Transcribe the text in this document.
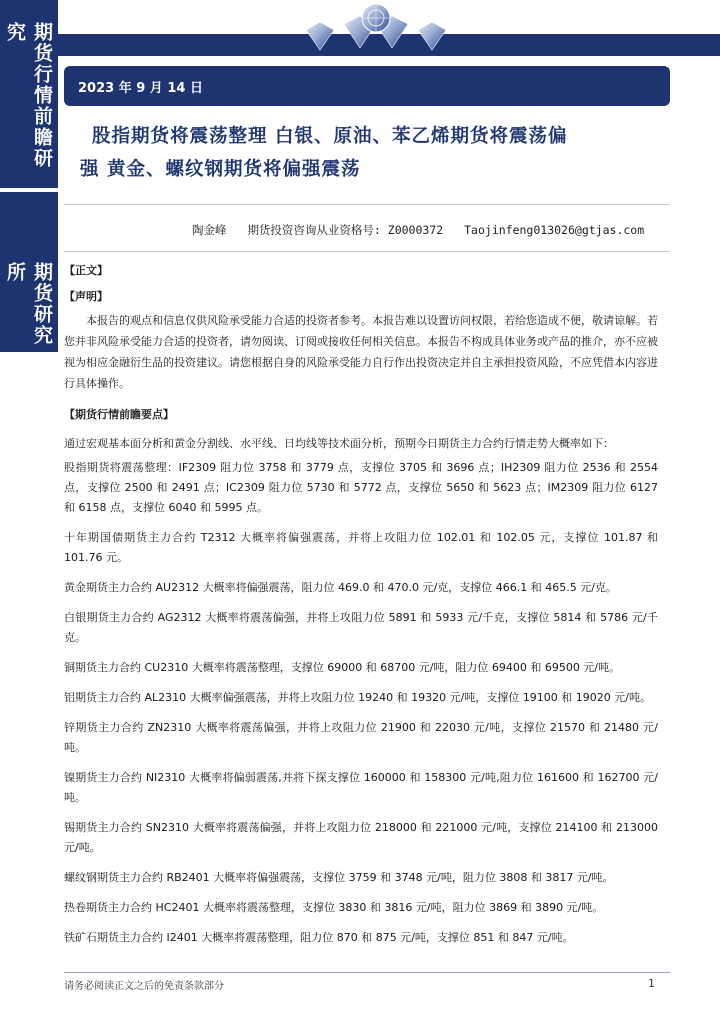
期货行情前瞻研究
期货研究所
2023 年 9 月 14 日
股指期货将震荡整理 白银、原油、苯乙烯期货将震荡偏
强 黄金、螺纹钢期货将偏强震荡
陶金峰 期货投资咨询从业资格号: Z0000372 Taojinfeng013026@gtjas.com

【正文】

【声明】

本报告的观点和信息仅供风险承受能力合适的投资者参考。本报告难以设置访问权限，若给您造成不便，敬请谅解。若您并非风险承受能力合适的投资者，请勿阅读、订阅或接收任何相关信息。本报告不构成具体业务或产品的推介，亦不应被视为相应金融衍生品的投资建议。请您根据自身的风险承受能力自行作出投资决定并自主承担投资风险，不应凭借本内容进行具体操作。

【期货行情前瞻要点】

通过宏观基本面分析和黄金分割线、水平线、日均线等技术面分析，预期今日期货主力合约行情走势大概率如下：

股指期货将震荡整理：IF2309 阻力位 3758 和 3779 点，支撑位 3705 和 3696 点；IH2309 阻力位 2536 和 2554 点，支撑位 2500 和 2491 点；IC2309 阻力位 5730 和 5772 点，支撑位 5650 和 5623 点；IM2309 阻力位 6127 和 6158 点，支撑位 6040 和 5995 点。

十年期国债期货主力合约 T2312 大概率将偏强震荡，并将上攻阻力位 102.01 和 102.05 元，支撑位 101.87 和 101.76 元。

黄金期货主力合约 AU2312 大概率将偏强震荡，阻力位 469.0 和 470.0 元/克，支撑位 466.1 和 465.5 元/克。

白银期货主力合约 AG2312 大概率将震荡偏强，并将上攻阻力位 5891 和 5933 元/千克，支撑位 5814 和 5786 元/千克。

铜期货主力合约 CU2310 大概率将震荡整理，支撑位 69000 和 68700 元/吨，阻力位 69400 和 69500 元/吨。

铝期货主力合约 AL2310 大概率偏强震荡，并将上攻阻力位 19240 和 19320 元/吨，支撑位 19100 和 19020 元/吨。

锌期货主力合约 ZN2310 大概率将震荡偏强，并将上攻阻力位 21900 和 22030 元/吨，支撑位 21570 和 21480 元/吨。

镍期货主力合约 NI2310 大概率将偏弱震荡,并将下探支撑位 160000 和 158300 元/吨,阻力位 161600 和 162700 元/吨。

锡期货主力合约 SN2310 大概率将震荡偏强，并将上攻阻力位 218000 和 221000 元/吨，支撑位 214100 和 213000 元/吨。

螺纹钢期货主力合约 RB2401 大概率将偏强震荡，支撑位 3759 和 3748 元/吨，阻力位 3808 和 3817 元/吨。

热卷期货主力合约 HC2401 大概率将震荡整理，支撑位 3830 和 3816 元/吨，阻力位 3869 和 3890 元/吨。

铁矿石期货主力合约 I2401 大概率将震荡整理，阻力位 870 和 875 元/吨，支撑位 851 和 847 元/吨。

请务必阅读正文之后的免责条款部分	1
